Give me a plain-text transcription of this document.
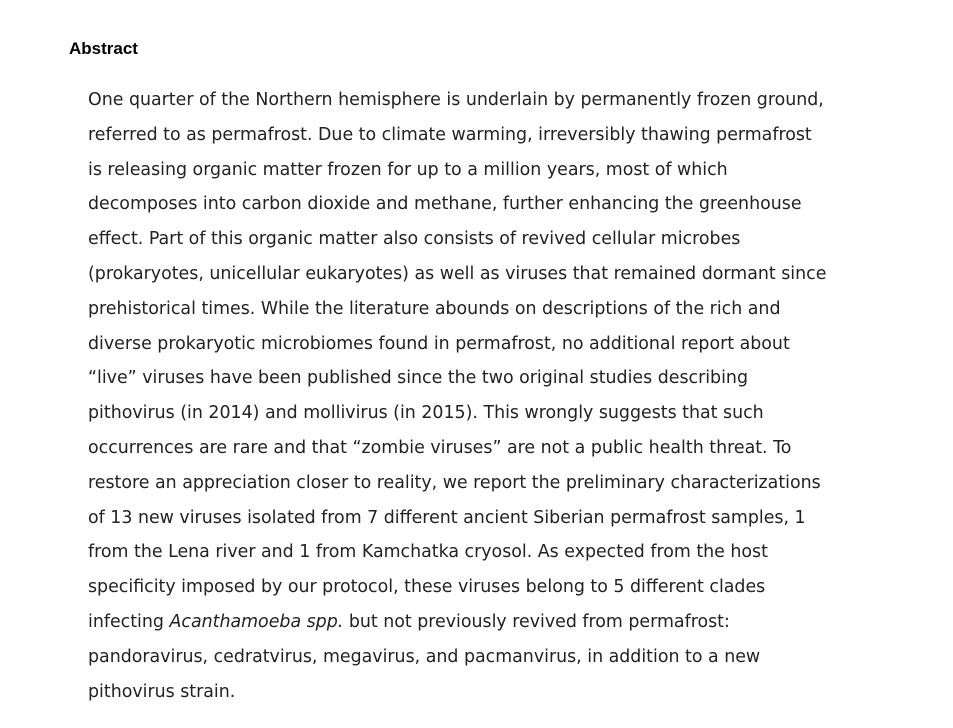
Abstract
One quarter of the Northern hemisphere is underlain by permanently frozen ground,
referred to as permafrost. Due to climate warming, irreversibly thawing permafrost
is releasing organic matter frozen for up to a million years, most of which
decomposes into carbon dioxide and methane, further enhancing the greenhouse
effect. Part of this organic matter also consists of revived cellular microbes
(prokaryotes, unicellular eukaryotes) as well as viruses that remained dormant since
prehistorical times. While the literature abounds on descriptions of the rich and
diverse prokaryotic microbiomes found in permafrost, no additional report about
“live” viruses have been published since the two original studies describing
pithovirus (in 2014) and mollivirus (in 2015). This wrongly suggests that such
occurrences are rare and that “zombie viruses” are not a public health threat. To
restore an appreciation closer to reality, we report the preliminary characterizations
of 13 new viruses isolated from 7 different ancient Siberian permafrost samples, 1
from the Lena river and 1 from Kamchatka cryosol. As expected from the host
specificity imposed by our protocol, these viruses belong to 5 different clades
infecting Acanthamoeba spp. but not previously revived from permafrost:
pandoravirus, cedratvirus, megavirus, and pacmanvirus, in addition to a new
pithovirus strain.
